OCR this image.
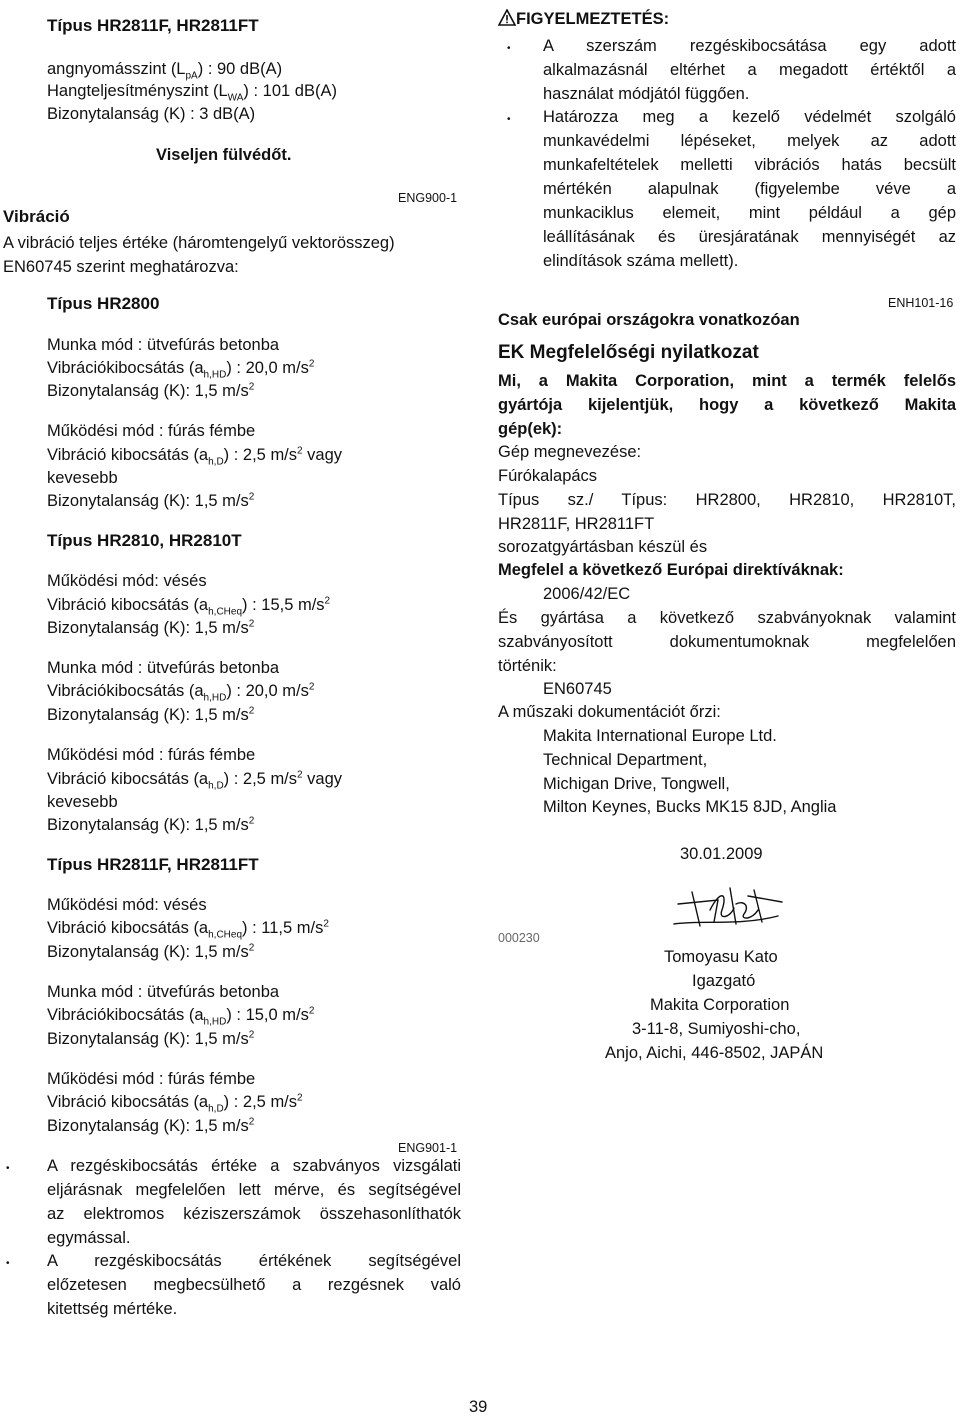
Típus HR2811F, HR2811FT
angnyomásszint $(L_{pA})$ : 90 dB(A)
Hangteljesítményszint $(L_{WA})$ : 101 dB(A)
Bizonytalanság (K) : 3 dB(A)
Viseljen fülvédőt.
ENG900-1
Vibráció
A vibráció teljes értéke (háromtengelyű vektorösszeg)
EN60745 szerint meghatározva:
Típus HR2800
Munka mód : ütvefúrás betonba
Vibrációkibocsátás $(a_{h,HD})$ : 20,0 $m/s^2$
Bizonytalanság (K): 1,5 $m/s^2$
Működési mód : fúrás fémbe
Vibráció kibocsátás $(a_{h,D})$ : 2,5 $m/s^2$ vagy
kevesebb
Bizonytalanság (K): 1,5 $m/s^2$
Típus HR2810, HR2810T
Működési mód: vésés
Vibráció kibocsátás $(a_{h,CHeq})$ : 15,5 $m/s^2$
Bizonytalanság (K): 1,5 $m/s^2$
Munka mód : ütvefúrás betonba
Vibrációkibocsátás $(a_{h,HD})$ : 20,0 $m/s^2$
Bizonytalanság (K): 1,5 $m/s^2$
Működési mód : fúrás fémbe
Vibráció kibocsátás $(a_{h,D})$ : 2,5 $m/s^2$ vagy
kevesebb
Bizonytalanság (K): 1,5 $m/s^2$
Típus HR2811F, HR2811FT
Működési mód: vésés
Vibráció kibocsátás $(a_{h,CHeq})$ : 11,5 $m/s^2$
Bizonytalanság (K): 1,5 $m/s^2$
Munka mód : ütvefúrás betonba
Vibrációkibocsátás $(a_{h,HD})$ : 15,0 $m/s^2$
Bizonytalanság (K): 1,5 $m/s^2$
Működési mód : fúrás fémbe
Vibráció kibocsátás $(a_{h,D})$ : 2,5 $m/s^2$
Bizonytalanság (K): 1,5 $m/s^2$
ENG901-1
• A rezgéskibocsátás értéke a szabványos vizsgálati
eljárásnak megfelelően lett mérve, és segítségével
az elektromos kéziszerszámok összehasonlíthatók
egymással.
• A rezgéskibocsátás értékének segítségével
előzetesen megbecsülhető a rezgésnek való
kitettség mértéke.
FIGYELMEZTETÉS:
• A szerszám rezgéskibocsátása egy adott
alkalmazásnál eltérhet a megadott értéktől a
használat módjától függően.
• Határozza meg a kezelő védelmét szolgáló
munkavédelmi lépéseket, melyek az adott
munkafeltételek melletti vibrációs hatás becsült
mértékén alapulnak (figyelembe véve a
munkaciklus elemeit, mint például a gép
leállításának és üresjáratának mennyiségét az
elindítások száma mellett).
ENH101-16
Csak európai országokra vonatkozóan
EK Megfelelőségi nyilatkozat
Mi, a Makita Corporation, mint a termék felelős
gyártója kijelentjük, hogy a következő Makita
gép(ek):
Gép megnevezése:
Fúrókalapács
Típus sz./ Típus: HR2800, HR2810, HR2810T,
HR2811F, HR2811FT
sorozatgyártásban készül és
Megfelel a következő Európai direktíváknak:
2006/42/EC
És gyártása a következő szabványoknak valamint
szabványosított dokumentumoknak megfelelően
történik:
EN60745
A műszaki dokumentációt őrzi:
Makita International Europe Ltd.
Technical Department,
Michigan Drive, Tongwell,
Milton Keynes, Bucks MK15 8JD, Anglia
30.01.2009
000230
Tomoyasu Kato
Igazgató
Makita Corporation
3-11-8, Sumiyoshi-cho,
Anjo, Aichi, 446-8502, JAPÁN
39
